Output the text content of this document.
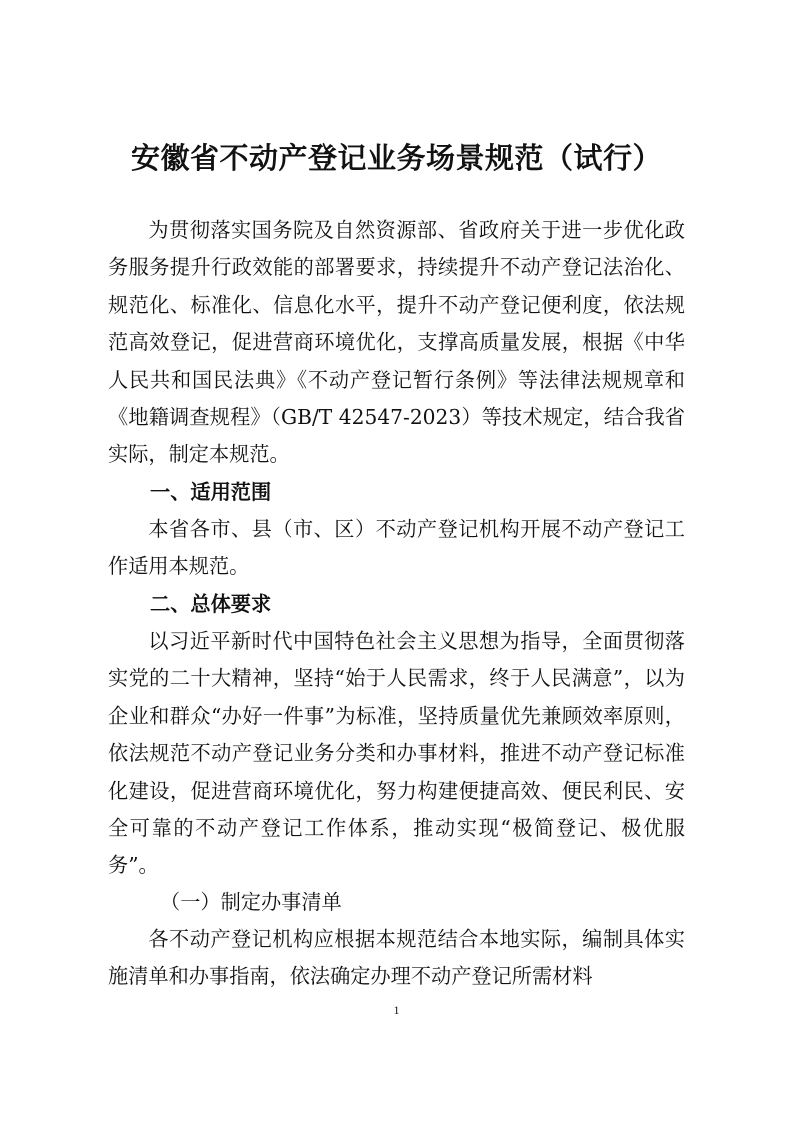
安徽省不动产登记业务场景规范（试行）

为贯彻落实国务院及自然资源部、省政府关于进一步优化政务服务提升行政效能的部署要求，持续提升不动产登记法治化、规范化、标准化、信息化水平，提升不动产登记便利度，依法规范高效登记，促进营商环境优化，支撑高质量发展，根据《中华人民共和国民法典》《不动产登记暂行条例》等法律法规规章和《地籍调查规程》（GB/T 42547-2023）等技术规定，结合我省实际，制定本规范。

一、适用范围

本省各市、县（市、区）不动产登记机构开展不动产登记工作适用本规范。

二、总体要求

以习近平新时代中国特色社会主义思想为指导，全面贯彻落实党的二十大精神，坚持“始于人民需求，终于人民满意”，以为企业和群众“办好一件事”为标准，坚持质量优先兼顾效率原则，依法规范不动产登记业务分类和办事材料，推进不动产登记标准化建设，促进营商环境优化，努力构建便捷高效、便民利民、安全可靠的不动产登记工作体系，推动实现“极简登记、极优服务”。

（一）制定办事清单

各不动产登记机构应根据本规范结合本地实际，编制具体实施清单和办事指南，依法确定办理不动产登记所需材料

1
